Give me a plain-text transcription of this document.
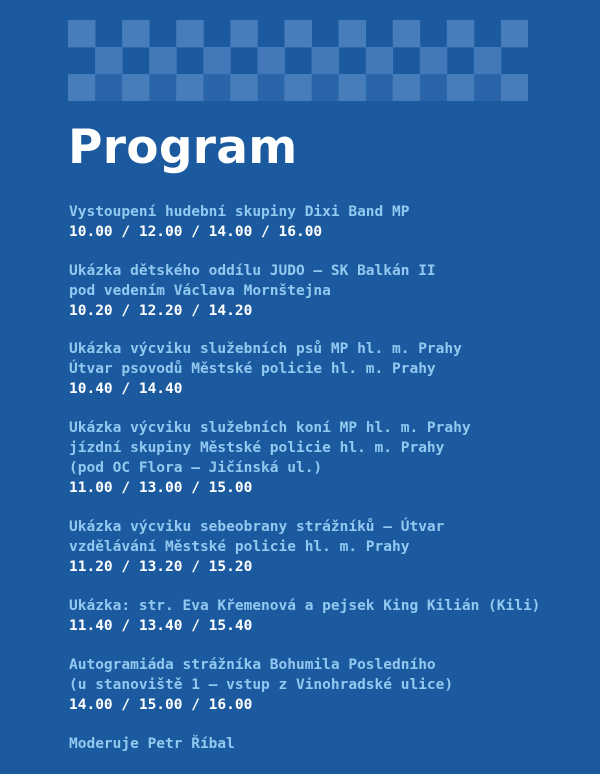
Program
Vystoupení hudební skupiny Dixi Band MP
10.00 / 12.00 / 14.00 / 16.00
Ukázka dětského oddílu JUDO – SK Balkán II
pod vedením Václava Mornštejna
10.20 / 12.20 / 14.20
Ukázka výcviku služebních psů MP hl. m. Prahy
Útvar psovodů Městské policie hl. m. Prahy
10.40 / 14.40
Ukázka výcviku služebních koní MP hl. m. Prahy
jízdní skupiny Městské policie hl. m. Prahy
(pod OC Flora – Jičínská ul.)
11.00 / 13.00 / 15.00
Ukázka výcviku sebeobrany strážníků – Útvar
vzdělávání Městské policie hl. m. Prahy
11.20 / 13.20 / 15.20
Ukázka: str. Eva Křemenová a pejsek King Kilián (Kili)
11.40 / 13.40 / 15.40
Autogramiáda strážníka Bohumila Posledního
(u stanoviště 1 – vstup z Vinohradské ulice)
14.00 / 15.00 / 16.00
Moderuje Petr Říbal
